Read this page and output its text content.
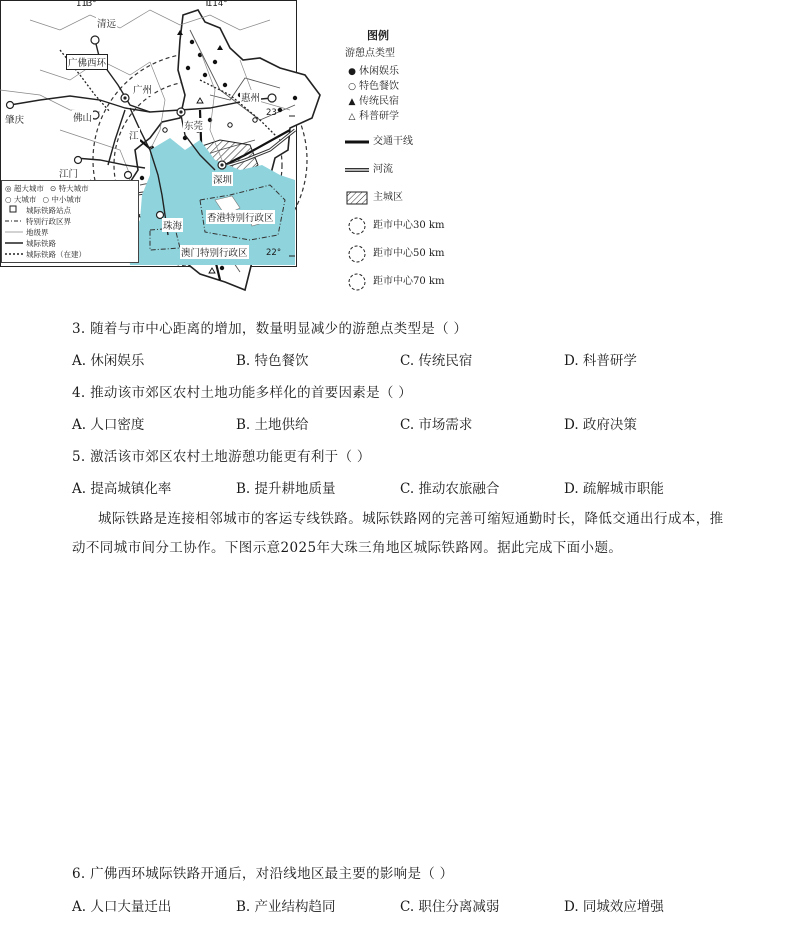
图例
游憩点类型
● 休闲娱乐
○ 特色餐饮
▲ 传统民宿
△ 科普研学
交通干线
河流
主城区
距市中心30 km
距市中心50 km
距市中心70 km
3. 随着与市中心距离的增加，数量明显减少的游憩点类型是（ ）
A. 休闲娱乐	B. 特色餐饮	C. 传统民宿	D. 科普研学
4. 推动该市郊区农村土地功能多样化的首要因素是（ ）
A. 人口密度	B. 土地供给	C. 市场需求	D. 政府决策
5. 激活该市郊区农村土地游憩功能更有利于（ ）
A. 提高城镇化率	B. 提升耕地质量	C. 推动农旅融合	D. 疏解城市职能
城际铁路是连接相邻城市的客运专线铁路。城际铁路网的完善可缩短通勤时长，降低交通出行成本，推动不同城市间分工协作。下图示意2025年大珠三角地区城际铁路网。据此完成下面小题。
113°	114°
23°
22°
清远
广佛西环
广州
佛山
肇庆
东莞
惠州
江门
深圳
珠海
江
香港特别行政区
澳门特别行政区
◎ 超大城市 ⊙ 特大城市
○ 大城市 ○ 中小城市
城际铁路站点
特别行政区界
地级界
城际铁路
城际铁路（在建）
6. 广佛西环城际铁路开通后，对沿线地区最主要的影响是（ ）
A. 人口大量迁出	B. 产业结构趋同	C. 职住分离减弱	D. 同城效应增强
